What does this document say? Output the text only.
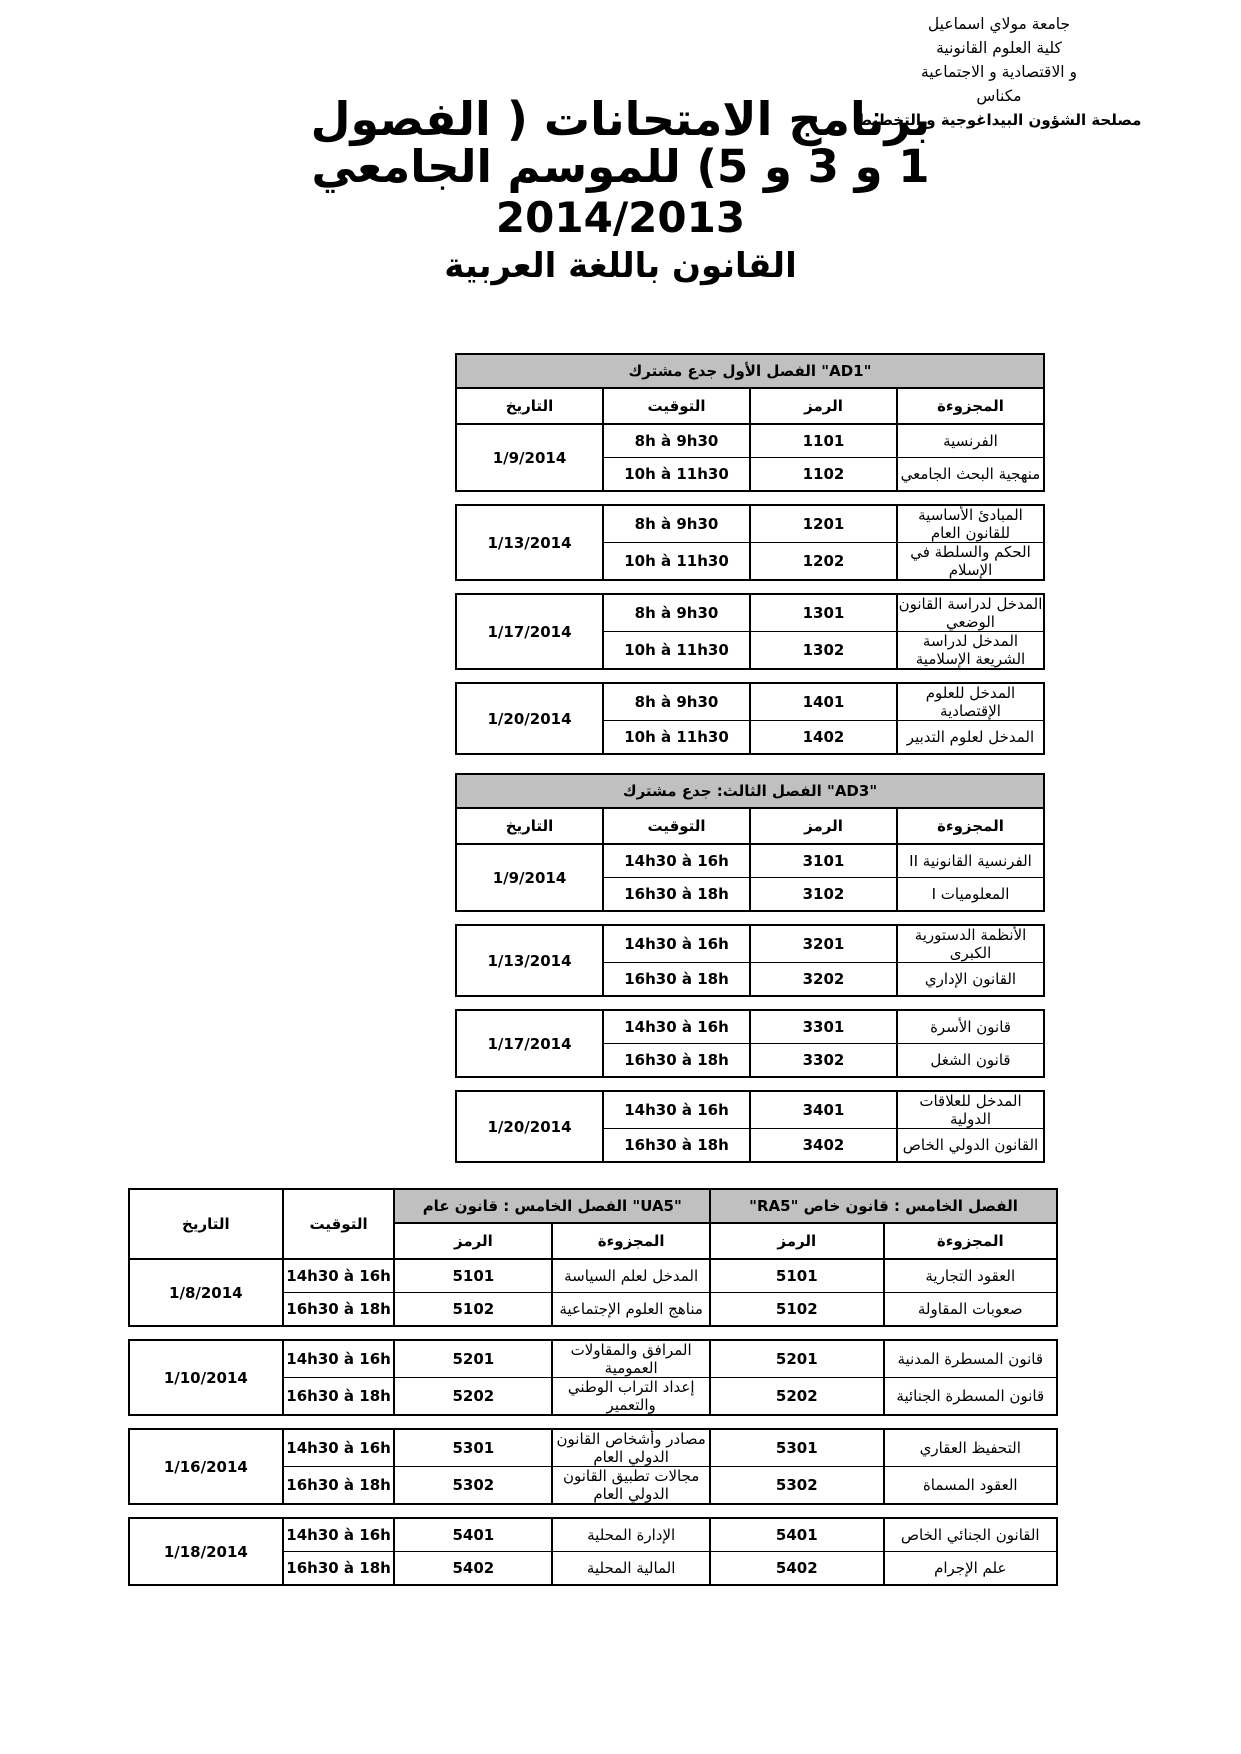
جامعة مولاي اسماعيل
كلية العلوم القانونية
و الاقتصادية و الاجتماعية
مكناس
مصلحة الشؤون البيداغوجية و التخطيط
برنامج الامتحانات ( الفصول
1 و 3 و 5) للموسم الجامعي
2014/2013
القانون باللغة العربية
"AD1" الفصل الأول جدع مشترك			
المجزوءة	الرمز	التوقيت	التاريخ
الفرنسية	1101	8h à 9h30	1/9/2014
منهجية البحث الجامعي	1102	10h à 11h30	

المبادئ الأساسية للقانون العام	1201	8h à 9h30	1/13/2014
الحكم والسلطة في الإسلام	1202	10h à 11h30	

المدخل لدراسة القانون الوضعي	1301	8h à 9h30	1/17/2014
المدخل لدراسة الشريعة الإسلامية	1302	10h à 11h30	

المدخل للعلوم الإقتصادية	1401	8h à 9h30	1/20/2014
المدخل لعلوم التدبير	1402	10h à 11h30	
"AD3" الفصل الثالث: جدع مشترك			
المجزوءة	الرمز	التوقيت	التاريخ
الفرنسية القانونية II	3101	14h30 à 16h	1/9/2014
المعلوميات I	3102	16h30 à 18h	

الأنظمة الدستورية الكبرى	3201	14h30 à 16h	1/13/2014
القانون الإداري	3202	16h30 à 18h	

قانون الأسرة	3301	14h30 à 16h	1/17/2014
قانون الشغل	3302	16h30 à 18h	

المدخل للعلاقات الدولية	3401	14h30 à 16h	1/20/2014
القانون الدولي الخاص	3402	16h30 à 18h	
الفصل الخامس : قانون خاص "RA5"		"UA5" الفصل الخامس : قانون عام		التوقيت	التاريخ
المجزوءة	الرمز	المجزوءة	الرمز		
العقود التجارية	5101	المدخل لعلم السياسة	5101	14h30 à 16h	1/8/2014
صعوبات المقاولة	5102	مناهج العلوم الإجتماعية	5102	16h30 à 18h	

قانون المسطرة المدنية	5201	المرافق والمقاولات العمومية	5201	14h30 à 16h	1/10/2014
قانون المسطرة الجنائية	5202	إعداد التراب الوطني والتعمير	5202	16h30 à 18h	

التحفيظ العقاري	5301	مصادر وأشخاص القانون الدولي العام	5301	14h30 à 16h	1/16/2014
العقود المسماة	5302	مجالات تطبيق القانون الدولي العام	5302	16h30 à 18h	

القانون الجنائي الخاص	5401	الإدارة المحلية	5401	14h30 à 16h	1/18/2014
علم الإجرام	5402	المالية المحلية	5402	16h30 à 18h	
